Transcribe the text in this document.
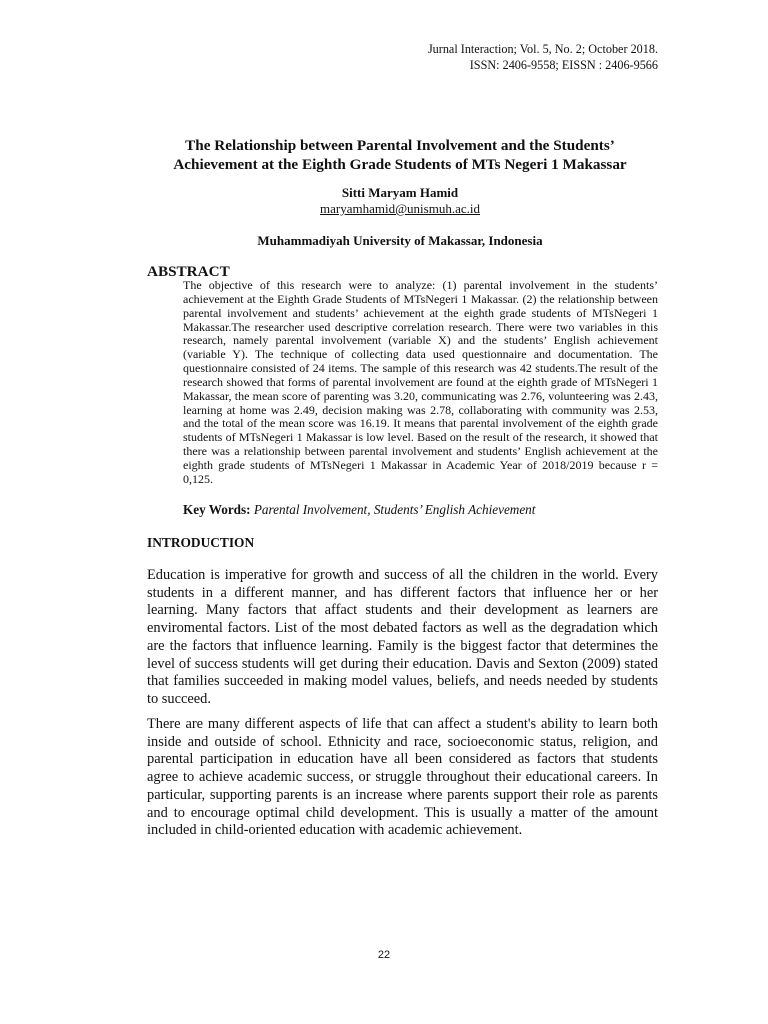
Jurnal Interaction; Vol. 5, No. 2; October 2018.
ISSN: 2406-9558; EISSN : 2406-9566
The Relationship between Parental Involvement and the Students’
Achievement at the Eighth Grade Students of MTs Negeri 1 Makassar
Sitti Maryam Hamid
maryamhamid@unismuh.ac.id
Muhammadiyah University of Makassar, Indonesia
ABSTRACT
The objective of this research were to analyze: (1) parental involvement in the students’ achievement at the Eighth Grade Students of MTsNegeri 1 Makassar. (2) the relationship between parental involvement and students’ achievement at the eighth grade students of MTsNegeri 1 Makassar.The researcher used descriptive correlation research. There were two variables in this research, namely parental involvement (variable X) and the students’ English achievement (variable Y). The technique of collecting data used questionnaire and documentation. The questionnaire consisted of 24 items. The sample of this research was 42 students.The result of the research showed that forms of parental involvement are found at the eighth grade of MTsNegeri 1 Makassar, the mean score of parenting was 3.20, communicating was 2.76, volunteering was 2.43, learning at home was 2.49, decision making was 2.78, collaborating with community was 2.53, and the total of the mean score was 16.19. It means that parental involvement of the eighth grade students of MTsNegeri 1 Makassar is low level. Based on the result of the research, it showed that there was a relationship between parental involvement and students’ English achievement at the eighth grade students of MTsNegeri 1 Makassar in Academic Year of 2018/2019 because r = 0,125.
Key Words: Parental Involvement, Students’ English Achievement
INTRODUCTION
Education is imperative for growth and success of all the children in the world. Every students in a different manner, and has different factors that influence her or her learning. Many factors that affact students and their development as learners are enviromental factors. List of the most debated factors as well as the degradation which are the factors that influence learning. Family is the biggest factor that determines the level of success students will get during their education. Davis and Sexton (2009) stated that families succeeded in making model values, beliefs, and needs needed by students to succeed.
There are many different aspects of life that can affect a student's ability to learn both inside and outside of school. Ethnicity and race, socioeconomic status, religion, and parental participation in education have all been considered as factors that students agree to achieve academic success, or struggle throughout their educational careers. In particular, supporting parents is an increase where parents support their role as parents and to encourage optimal child development. This is usually a matter of the amount included in child-oriented education with academic achievement.
22
